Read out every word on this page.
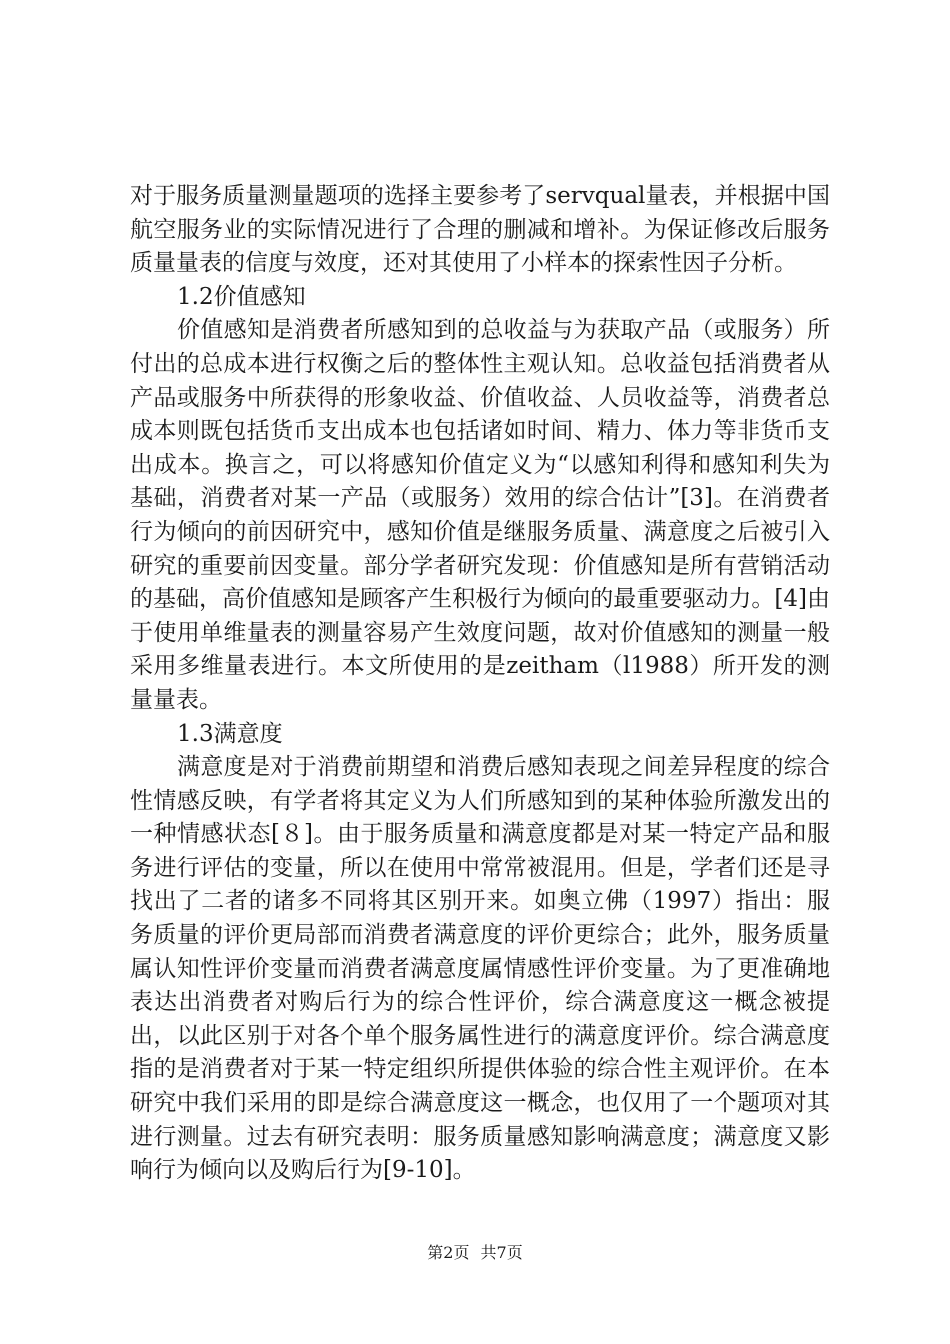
对于服务质量测量题项的选择主要参考了servqual量表，并根据中国航空服务业的实际情况进行了合理的删减和增补。为保证修改后服务质量量表的信度与效度，还对其使用了小样本的探索性因子分析。

1.2价值感知

价值感知是消费者所感知到的总收益与为获取产品（或服务）所付出的总成本进行权衡之后的整体性主观认知。总收益包括消费者从产品或服务中所获得的形象收益、价值收益、人员收益等，消费者总成本则既包括货币支出成本也包括诸如时间、精力、体力等非货币支出成本。换言之，可以将感知价值定义为“以感知利得和感知利失为基础，消费者对某一产品（或服务）效用的综合估计”[3]。在消费者行为倾向的前因研究中，感知价值是继服务质量、满意度之后被引入研究的重要前因变量。部分学者研究发现：价值感知是所有营销活动的基础，高价值感知是顾客产生积极行为倾向的最重要驱动力。[4]由于使用单维量表的测量容易产生效度问题，故对价值感知的测量一般采用多维量表进行。本文所使用的是zeitham（l1988）所开发的测量量表。

1.3满意度

满意度是对于消费前期望和消费后感知表现之间差异程度的综合性情感反映，有学者将其定义为人们所感知到的某种体验所激发出的一种情感状态[８]。由于服务质量和满意度都是对某一特定产品和服务进行评估的变量，所以在使用中常常被混用。但是，学者们还是寻找出了二者的诸多不同将其区别开来。如奥立佛（1997）指出：服务质量的评价更局部而消费者满意度的评价更综合；此外，服务质量属认知性评价变量而消费者满意度属情感性评价变量。为了更准确地表达出消费者对购后行为的综合性评价，综合满意度这一概念被提出，以此区别于对各个单个服务属性进行的满意度评价。综合满意度指的是消费者对于某一特定组织所提供体验的综合性主观评价。在本研究中我们采用的即是综合满意度这一概念，也仅用了一个题项对其进行测量。过去有研究表明：服务质量感知影响满意度；满意度又影响行为倾向以及购后行为[9-10]。

第2页 共7页
